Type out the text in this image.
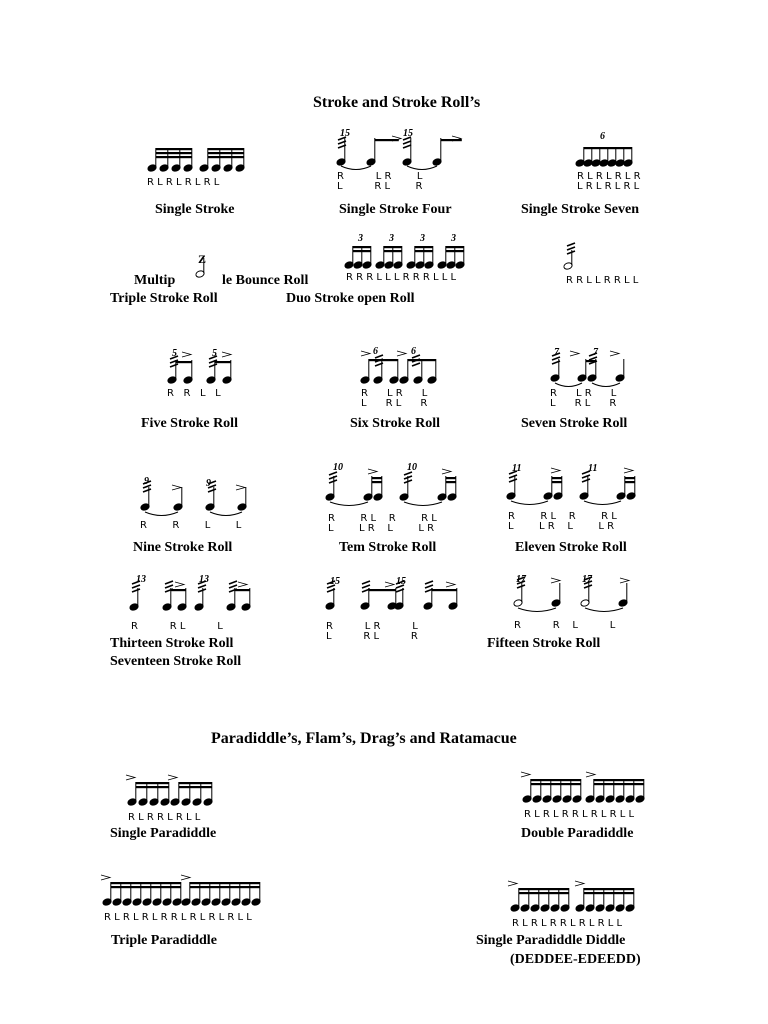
Stroke and Stroke Roll’s
Paradiddle’s, Flam’s, Drag’s and Ratamacue
15	15	6
3	3	3	3
Z
5	5	6	6	7	7
9	9
10	10	11	11
13	13	15	15	17	17
R L R L R L R L
R          L R        L
L          R L        R
R L R L R L R
L R L R L R L
R R R L L L R R R L L L	R R L L R R L L
R   R   L   L	R      L R      L
L      R L      R
R      L R      L
L      R L      R
R        R        L        L
R        R L    R        R L
L        L R    L        L R
R        R L    R        R L
L        L R    L        L R
R          R L          L	R          L R          L
L          R L          R
R          R    L          L
R L R R L R L L	R L R L R R L R L R L L
R L R L R L R R L R L R L R L L
R L R L R R L R L R L L
Single Stroke	Single Stroke Four	Single Stroke Seven
Multip	le Bounce Roll
Triple Stroke Roll	Duo Stroke open Roll
Five Stroke Roll	Six Stroke Roll	Seven Stroke Roll
Nine Stroke Roll	Tem Stroke Roll	Eleven Stroke Roll
Thirteen Stroke Roll
Seventeen Stroke Roll
Fifteen Stroke Roll
Single Paradiddle	Double Paradiddle
Triple Paradiddle	Single Paradiddle Diddle
(DEDDEE-EDEEDD)
